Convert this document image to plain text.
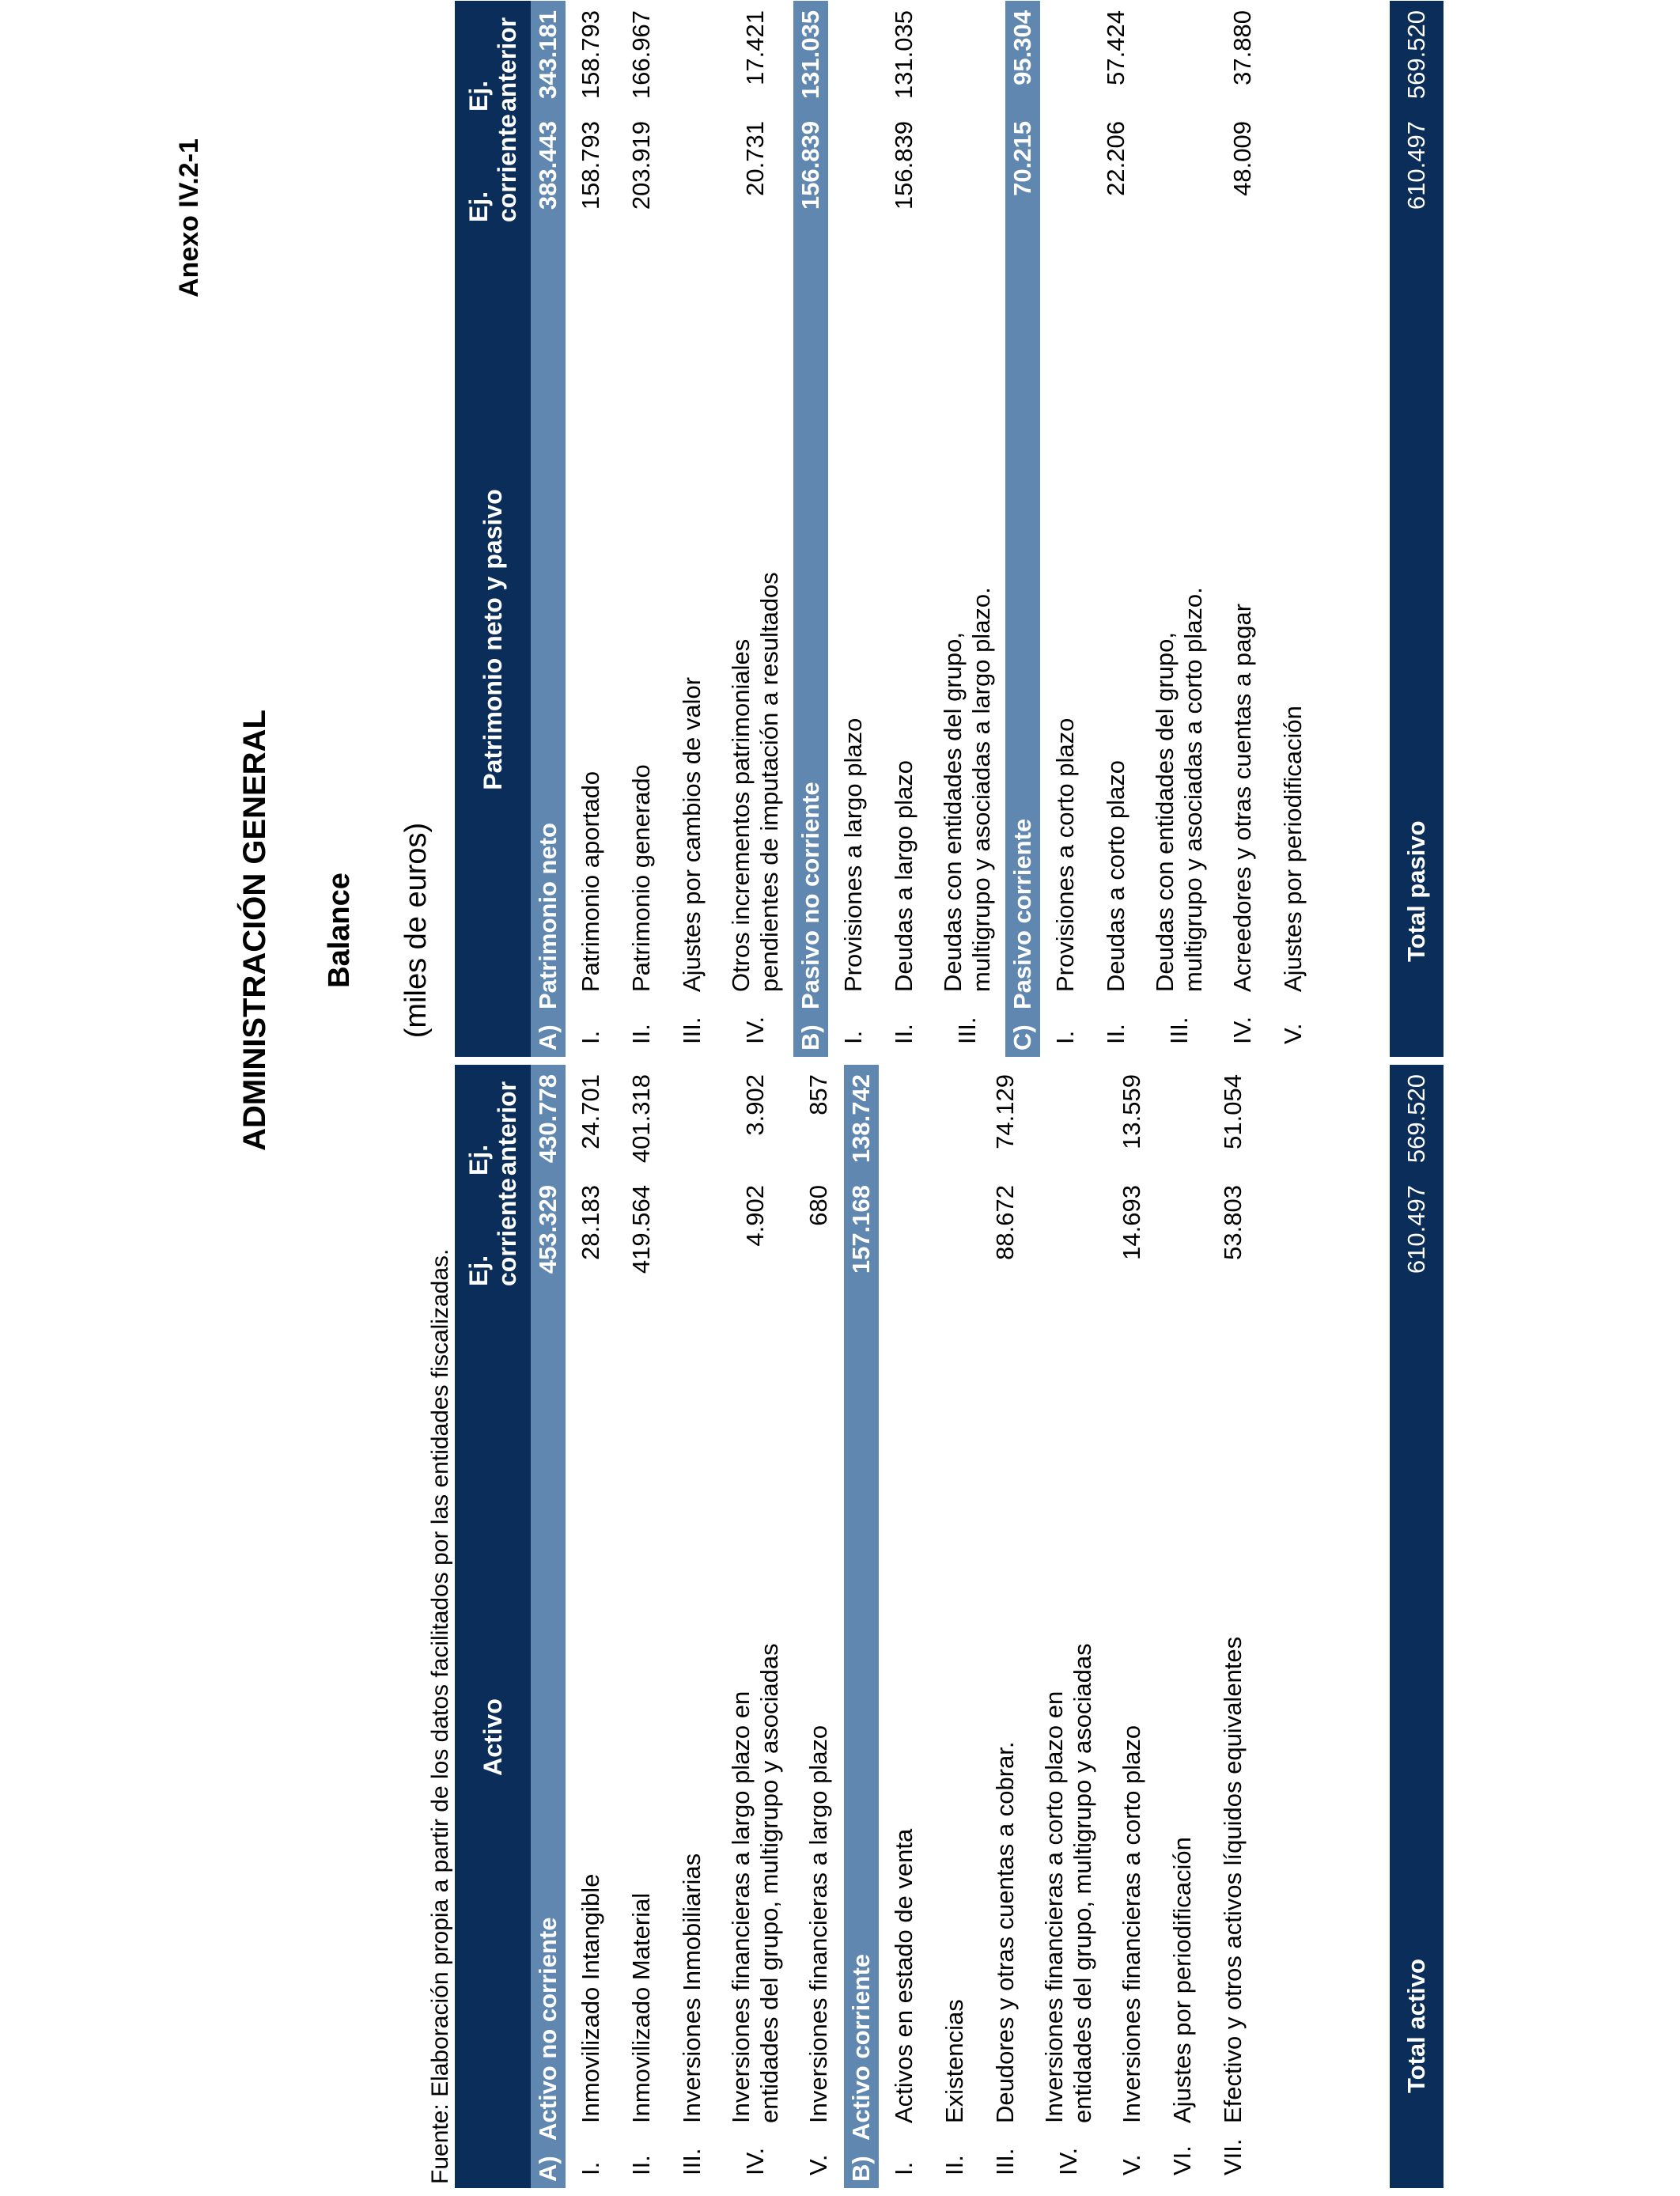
Anexo IV.2-1
ADMINISTRACIÓN GENERAL Balance (miles de euros)
Fuente: Elaboración propia a partir de los datos facilitados por las entidades fiscalizadas.	Activo
Ej. corriente
Ej. anterior
A)
Activo no corriente
453.329
430.778
I.
Inmovilizado Intangible
28.183
24.701
II.
Inmovilizado Material
419.564
401.318
III.
Inversiones Inmobiliarias
IV.
Inversiones financieras a largo plazo en entidades del grupo, multigrupo y asociadas
4.902
3.902
V.
Inversiones financieras a largo plazo
680
857
B)
Activo corriente
157.168
138.742
I.
Activos en estado de venta
II.
Existencias
III.
Deudores y otras cuentas a cobrar.
88.672
74.129
IV.
Inversiones financieras a corto plazo en entidades del grupo, multigrupo y asociadas
V.
Inversiones financieras a corto plazo
14.693
13.559
VI.
Ajustes por periodificación
VII.
Efectivo y otros activos líquidos equivalentes
53.803
51.054
Total activo
610.497
569.520
Patrimonio neto y pasivo
Ej. corriente
Ej. anterior
A)
Patrimonio neto
383.443
343.181
I.
Patrimonio aportado
158.793
158.793
II.
Patrimonio generado
203.919
166.967
III.
Ajustes por cambios de valor
IV.
Otros incrementos patrimoniales pendientes de imputación a resultados
20.731
17.421
B)
Pasivo no corriente
156.839
131.035
I.
Provisiones a largo plazo
II.
Deudas a largo plazo
156.839
131.035
III.
Deudas con entidades del grupo, multigrupo y asociadas a largo plazo.
C)
Pasivo corriente
70.215
95.304
I.
Provisiones a corto plazo
II.
Deudas a corto plazo
22.206
57.424
III.
Deudas con entidades del grupo, multigrupo y asociadas a corto plazo.
IV.
Acreedores y otras cuentas a pagar
48.009
37.880
V.
Ajustes por periodificación	Total pasivo
610.497
569.520
